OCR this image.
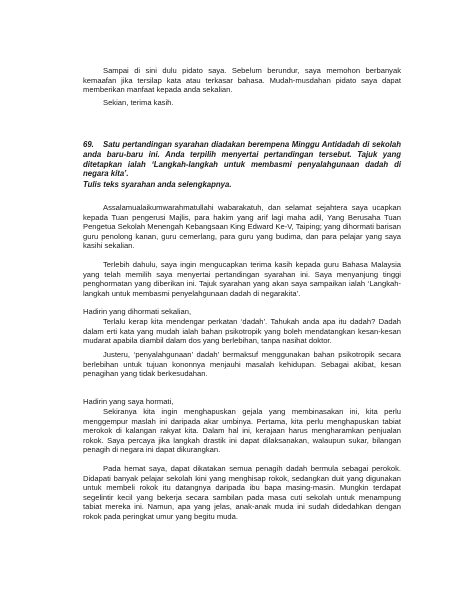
Sampai di sini dulu pidato saya. Sebelum berundur, saya memohon berbanyak kemaafan jika tersilap kata atau terkasar bahasa. Mudah-musdahan pidato saya dapat memberikan manfaat kepada anda sekalian.
Sekian, terima kasih.
69. Satu pertandingan syarahan diadakan berempena Minggu Antidadah di sekolah anda baru-baru ini. Anda terpilih menyertai pertandingan tersebut. Tajuk yang ditetapkan ialah ‘Langkah-langkah untuk membasmi penyalahgunaan dadah di negara kita’.
Tulis teks syarahan anda selengkapnya.
Assalamualaikumwarahmatullahi wabarakatuh, dan selamat sejahtera saya ucapkan kepada Tuan pengerusi Majlis, para hakim yang arif lagi maha adil, Yang Berusaha Tuan Pengetua Sekolah Menengah Kebangsaan King Edward Ke-V, Taiping; yang dihormati barisan guru penolong kanan, guru cemerlang, para guru yang budima, dan para pelajar yang saya kasihi sekalian.
Terlebih dahulu, saya ingin mengucapkan terima kasih kepada guru Bahasa Malaysia yang telah memilih saya menyertai pertandingan syarahan ini. Saya menyanjung tinggi penghormatan yang diberikan ini. Tajuk syarahan yang akan saya sampaikan ialah ‘Langkah-langkah untuk membasmi penyelahgunaan dadah di negarakita’.
Hadirin yang dihormati sekalian,
Terlalu kerap kita mendengar perkatan ‘dadah’. Tahukah anda apa itu dadah? Dadah dalam erti kata yang mudah ialah bahan psikotropik yang boleh mendatangkan kesan-kesan mudarat apabila diambil dalam dos yang berlebihan, tanpa nasihat doktor.
Justeru, ‘penyalahgunaan’ dadah’ bermaksuf menggunakan bahan psikotropik secara berlebihan untuk tujuan kononnya menjauhi masalah kehidupan. Sebagai akibat, kesan penagihan yang tidak berkesudahan.
Hadirin yang saya hormati,
Sekiranya kita ingin menghapuskan gejala yang membinasakan ini, kita perlu menggempur maslah ini daripada akar umbinya. Pertama, kita perlu menghapuskan tabiat merokok di kalangan rakyat kita. Dalam hal ini, kerajaan harus mengharamkan penjualan rokok. Saya percaya jika langkah drastik ini dapat dilaksanakan, walaupun sukar, bilangan penagih di negara ini dapat dikurangkan.
Pada hemat saya, dapat dikatakan semua penagih dadah bermula sebagai perokok. Didapati banyak pelajar sekolah kini yang menghisap rokok, sedangkan duit yang digunakan untuk membeli rokok itu datangnya daripada ibu bapa masing-masin. Mungkin terdapat segelintir kecil yang bekerja secara sambilan pada masa cuti sekolah untuk menampung tabiat mereka ini. Namun, apa yang jelas, anak-anak muda ini sudah didedahkan dengan rokok pada peringkat umur yang begitu muda.
